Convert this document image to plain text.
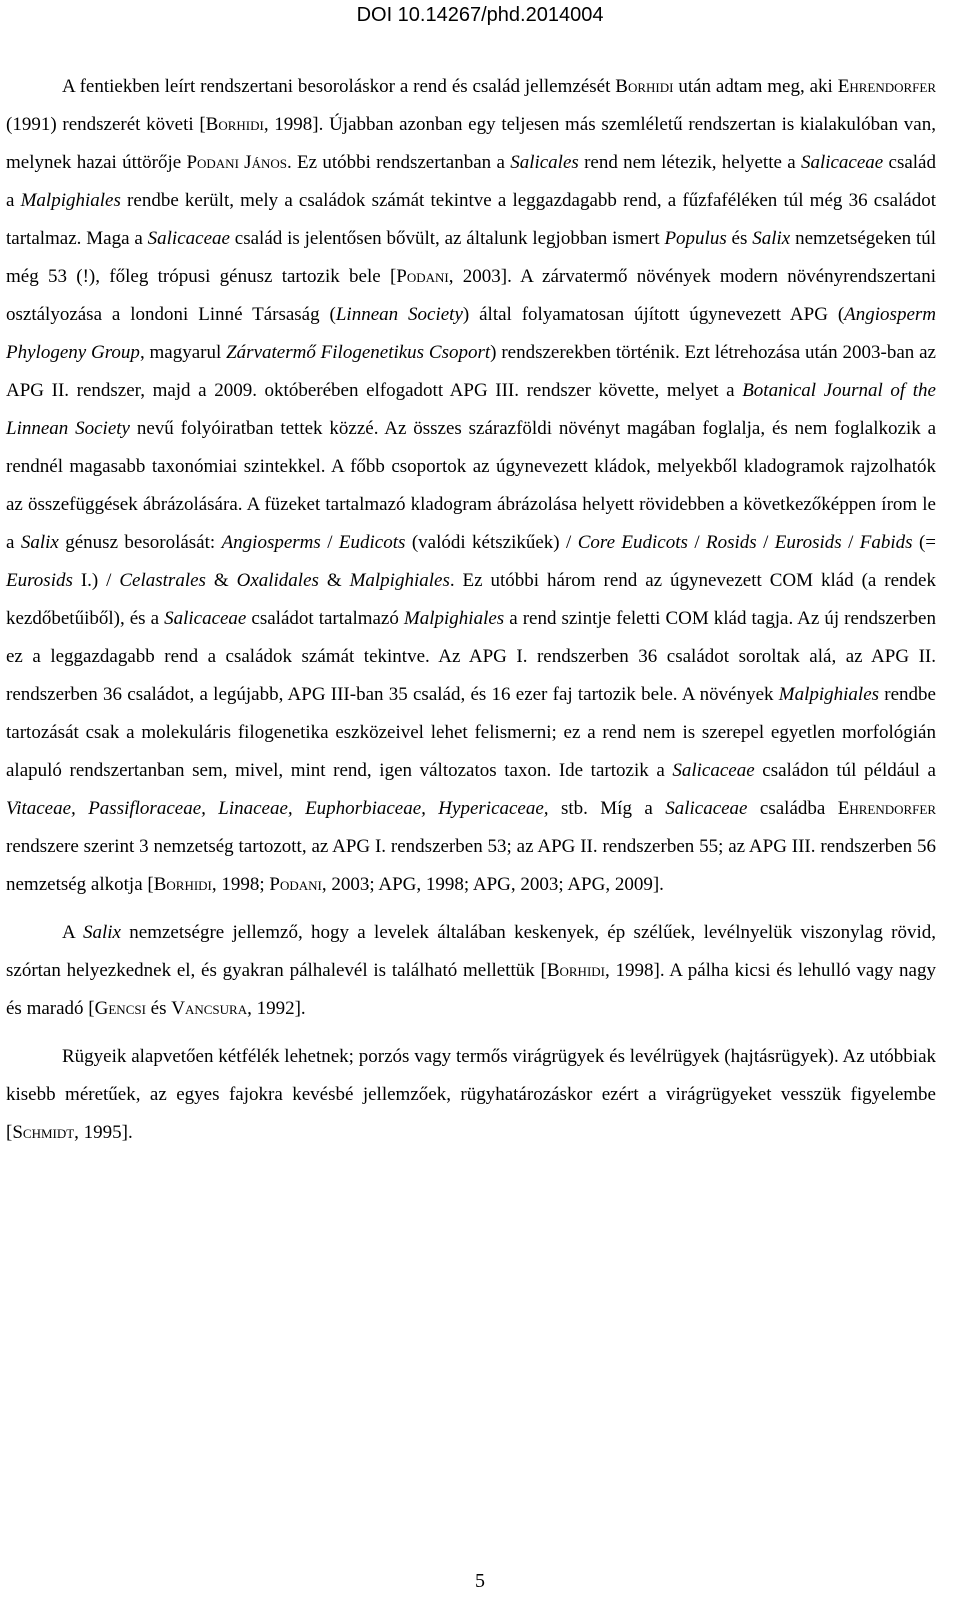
DOI 10.14267/phd.2014004

A fentiekben leírt rendszertani besoroláskor a rend és család jellemzését Borhidi után adtam meg, aki Ehrendorfer (1991) rendszerét követi [Borhidi, 1998]. Újabban azonban egy teljesen más szemléletű rendszertan is kialakulóban van, melynek hazai úttörője Podani János. Ez utóbbi rendszertanban a Salicales rend nem létezik, helyette a Salicaceae család a Malpighiales rendbe került, mely a családok számát tekintve a leggazdagabb rend, a fűzfaféléken túl még 36 családot tartalmaz. Maga a Salicaceae család is jelentősen bővült, az általunk legjobban ismert Populus és Salix nemzetségeken túl még 53 (!), főleg trópusi génusz tartozik bele [Podani, 2003]. A zárvatermő növények modern növényrendszertani osztályozása a londoni Linné Társaság (Linnean Society) által folyamatosan újított úgynevezett APG (Angiosperm Phylogeny Group, magyarul Zárvatermő Filogenetikus Csoport) rendszerekben történik. Ezt létrehozása után 2003-ban az APG II. rendszer, majd a 2009. októberében elfogadott APG III. rendszer követte, melyet a Botanical Journal of the Linnean Society nevű folyóiratban tettek közzé. Az összes szárazföldi növényt magában foglalja, és nem foglalkozik a rendnél magasabb taxonómiai szintekkel. A főbb csoportok az úgynevezett kládok, melyekből kladogramok rajzolhatók az összefüggések ábrázolására. A füzeket tartalmazó kladogram ábrázolása helyett rövidebben a következőképpen írom le a Salix génusz besorolását: Angiosperms / Eudicots (valódi kétszikűek) / Core Eudicots / Rosids / Eurosids / Fabids (= Eurosids I.) / Celastrales & Oxalidales & Malpighiales. Ez utóbbi három rend az úgynevezett COM klád (a rendek kezdőbetűiből), és a Salicaceae családot tartalmazó Malpighiales a rend szintje feletti COM klád tagja. Az új rendszerben ez a leggazdagabb rend a családok számát tekintve. Az APG I. rendszerben 36 családot soroltak alá, az APG II. rendszerben 36 családot, a legújabb, APG III-ban 35 család, és 16 ezer faj tartozik bele. A növények Malpighiales rendbe tartozását csak a molekuláris filogenetika eszközeivel lehet felismerni; ez a rend nem is szerepel egyetlen morfológián alapuló rendszertanban sem, mivel, mint rend, igen változatos taxon. Ide tartozik a Salicaceae családon túl például a Vitaceae, Passifloraceae, Linaceae, Euphorbiaceae, Hypericaceae, stb. Míg a Salicaceae családba Ehrendorfer rendszere szerint 3 nemzetség tartozott, az APG I. rendszerben 53; az APG II. rendszerben 55; az APG III. rendszerben 56 nemzetség alkotja [Borhidi, 1998; Podani, 2003; APG, 1998; APG, 2003; APG, 2009].

A Salix nemzetségre jellemző, hogy a levelek általában keskenyek, ép szélűek, levélnyelük viszonylag rövid, szórtan helyezkednek el, és gyakran pálhalevél is található mellettük [Borhidi, 1998]. A pálha kicsi és lehulló vagy nagy és maradó [Gencsi és Vancsura, 1992].

Rügyeik alapvetően kétfélék lehetnek; porzós vagy termős virágrügyek és levélrügyek (hajtásrügyek). Az utóbbiak kisebb méretűek, az egyes fajokra kevésbé jellemzőek, rügyhatározáskor ezért a virágrügyeket vesszük figyelembe [Schmidt, 1995].

5
